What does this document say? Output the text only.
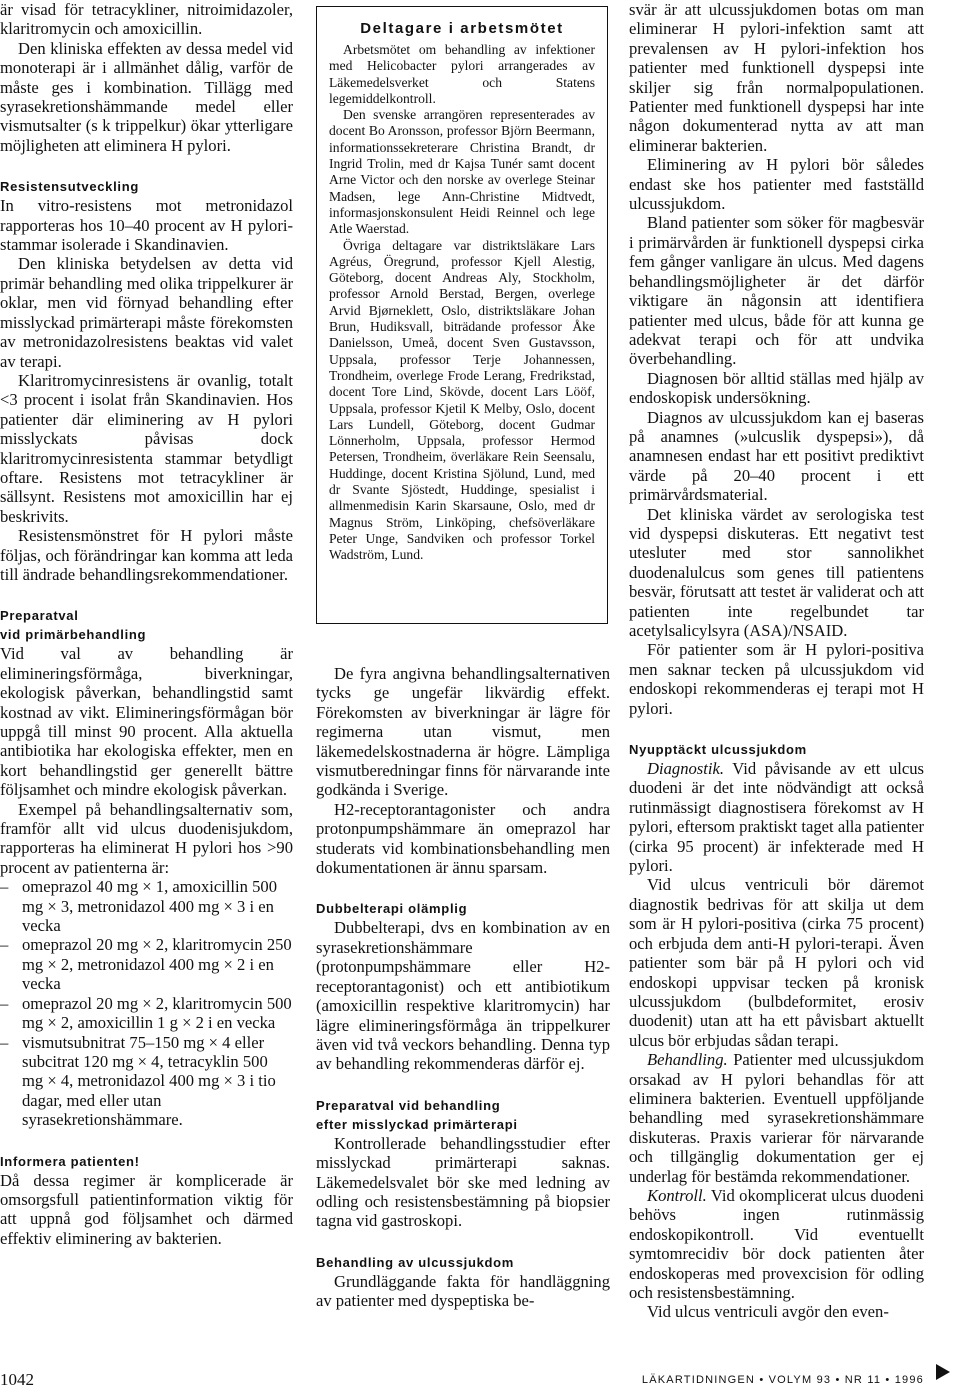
är visad för tetracykliner, nitroimidazoler, klaritromycin och amoxicillin.

Den kliniska effekten av dessa medel vid monoterapi är i allmänhet dålig, varför de måste ges i kombination. Tillägg med syrasekretionshämmande medel eller vismutsalter (s k trippelkur) ökar ytterligare möjligheten att eliminera H pylori.

Resistensutveckling

In vitro-resistens mot metronidazol rapporteras hos 10–40 procent av H pylori-stammar isolerade i Skandinavien.

Den kliniska betydelsen av detta vid primär behandling med olika trippelkurer är oklar, men vid förnyad behandling efter misslyckad primärterapi måste förekomsten av metronidazolresistens beaktas vid valet av terapi.

Klaritromycinresistens är ovanlig, totalt <3 procent i isolat från Skandinavien. Hos patienter där eliminering av H pylori misslyckats påvisas dock klaritromycinresistenta stammar betydligt oftare. Resistens mot tetracykliner är sällsynt. Resistens mot amoxicillin har ej beskrivits.

Resistensmönstret för H pylori måste följas, och förändringar kan komma att leda till ändrade behandlingsrekommendationer.

Preparatval
vid primärbehandling

Vid val av behandling är elimineringsförmåga, biverkningar, ekologisk påverkan, behandlingstid samt kostnad av vikt. Elimineringsförmågan bör uppgå till minst 90 procent. Alla aktuella antibiotika har ekologiska effekter, men en kort behandlingstid ger generellt bättre följsamhet och mindre ekologisk påverkan.

Exempel på behandlingsalternativ som, framför allt vid ulcus duodenisjukdom, rapporteras ha eliminerat H pylori hos >90 procent av patienterna är:

– omeprazol 40 mg × 1, amoxicillin 500 mg × 3, metronidazol 400 mg × 3 i en vecka
– omeprazol 20 mg × 2, klaritromycin 250 mg × 2, metronidazol 400 mg × 2 i en vecka
– omeprazol 20 mg × 2, klaritromycin 500 mg × 2, amoxicillin 1 g × 2 i en vecka
– vismutsubnitrat 75–150 mg × 4 eller subcitrat 120 mg × 4, tetracyklin 500 mg × 4, metronidazol 400 mg × 3 i tio dagar, med eller utan syrasekretionshämmare.
Informera patienten!

Då dessa regimer är komplicerade är omsorgsfull patientinformation viktig för att uppnå god följsamhet och därmed effektiv eliminering av bakterien.

Deltagare i arbetsmötet

Arbetsmötet om behandling av infektioner med Helicobacter pylori arrangerades av Läkemedelsverket och Statens legemiddelkontroll.

Den svenske arrangören representerades av docent Bo Aronsson, professor Björn Beermann, informationssekreterare Christina Brandt, dr Ingrid Trolin, med dr Kajsa Tunér samt docent Arne Victor och den norske av overlege Steinar Madsen, lege Ann-Christine Midtvedt, informasjonskonsulent Heidi Reinnel och lege Atle Waerstad.

Övriga deltagare var distriktsläkare Lars Agréus, Öregrund, professor Kjell Alestig, Göteborg, docent Andreas Aly, Stockholm, professor Arnold Berstad, Bergen, overlege Arvid Bjørneklett, Oslo, distriktsläkare Johan Brun, Hudiksvall, biträdande professor Åke Danielsson, Umeå, docent Sven Gustavsson, Uppsala, professor Terje Johannessen, Trondheim, overlege Frode Lerang, Fredrikstad, docent Tore Lind, Skövde, docent Lars Lööf, Uppsala, professor Kjetil K Melby, Oslo, docent Lars Lundell, Göteborg, docent Gudmar Lönnerholm, Uppsala, professor Hermod Petersen, Trondheim, överläkare Rein Seensalu, Huddinge, docent Kristina Sjölund, Lund, med dr Svante Sjöstedt, Huddinge, spesialist i allmenmedisin Karin Skarsaune, Oslo, med dr Magnus Ström, Linköping, chefsöverläkare Peter Unge, Sandviken och professor Torkel Wadström, Lund.

De fyra angivna behandlingsalternativen tycks ge ungefär likvärdig effekt. Förekomsten av biverkningar är lägre för regimerna utan vismut, men läkemedelskostnaderna är högre. Lämpliga vismutberedningar finns för närvarande inte godkända i Sverige.

H2-receptorantagonister och andra protonpumpshämmare än omeprazol har studerats vid kombinationsbehandling men dokumentationen är ännu sparsam.

Dubbelterapi olämplig

Dubbelterapi, dvs en kombination av en syrasekretionshämmare (protonpumpshämmare eller H2-receptorantagonist) och ett antibiotikum (amoxicillin respektive klaritromycin) har lägre elimineringsförmåga än trippelkurer även vid två veckors behandling. Denna typ av behandling rekommenderas därför ej.

Preparatval vid behandling
efter misslyckad primärterapi

Kontrollerade behandlingsstudier efter misslyckad primärterapi saknas. Läkemedelsvalet bör ske med ledning av odling och resistensbestämning på biopsier tagna vid gastroskopi.

Behandling av ulcussjukdom

Grundläggande fakta för handläggning av patienter med dyspeptiska be-

svär är att ulcussjukdomen botas om man eliminerar H pylori-infektion samt att prevalensen av H pylori-infektion hos patienter med funktionell dyspepsi inte skiljer sig från normalpopulationen. Patienter med funktionell dyspepsi har inte någon dokumenterad nytta av att man eliminerar bakterien.

Eliminering av H pylori bör således endast ske hos patienter med fastställd ulcussjukdom.

Bland patienter som söker för magbesvär i primärvården är funktionell dyspepsi cirka fem gånger vanligare än ulcus. Med dagens behandlingsmöjligheter är det därför viktigare än någonsin att identifiera patienter med ulcus, både för att kunna ge adekvat terapi och för att undvika överbehandling.

Diagnosen bör alltid ställas med hjälp av endoskopisk undersökning.

Diagnos av ulcussjukdom kan ej baseras på anamnes (»ulcuslik dyspepsi»), då anamnesen endast har ett positivt prediktivt värde på 20–40 procent i ett primärvårdsmaterial.

Det kliniska värdet av serologiska test vid dyspepsi diskuteras. Ett negativt test utesluter med stor sannolikhet duodenalulcus som genes till patientens besvär, förutsatt att testet är validerat och att patienten inte regelbundet tar acetylsalicylsyra (ASA)/NSAID.

För patienter som är H pylori-positiva men saknar tecken på ulcussjukdom vid endoskopi rekommenderas ej terapi mot H pylori.

Nyupptäckt ulcussjukdom

Diagnostik. Vid påvisande av ett ulcus duodeni är det inte nödvändigt att också rutinmässigt diagnostisera förekomst av H pylori, eftersom praktiskt taget alla patienter (cirka 95 procent) är infekterade med H pylori.

Vid ulcus ventriculi bör däremot diagnostik bedrivas för att skilja ut dem som är H pylori-positiva (cirka 75 procent) och erbjuda dem anti-H pylori-terapi. Även patienter som bär på H pylori och vid endoskopi uppvisar tecken på kronisk ulcussjukdom (bulbdeformitet, erosiv duodenit) utan att ha ett påvisbart aktuellt ulcus bör erbjudas sådan terapi.

Behandling. Patienter med ulcussjukdom orsakad av H pylori behandlas för att eliminera bakterien. Eventuell uppföljande behandling med syrasekretionshämmare diskuteras. Praxis varierar för närvarande och tillgänglig dokumentation ger ej underlag för bestämda rekommendationer.

Kontroll. Vid okomplicerat ulcus duodeni behövs ingen rutinmässig endoskopikontroll. Vid eventuellt symtomrecidiv bör dock patienten åter endoskoperas med provexcision för odling och resistensbestämning.

Vid ulcus ventriculi avgör den even-

1042	LÄKARTIDNINGEN • VOLYM 93 • NR 11 • 1996
